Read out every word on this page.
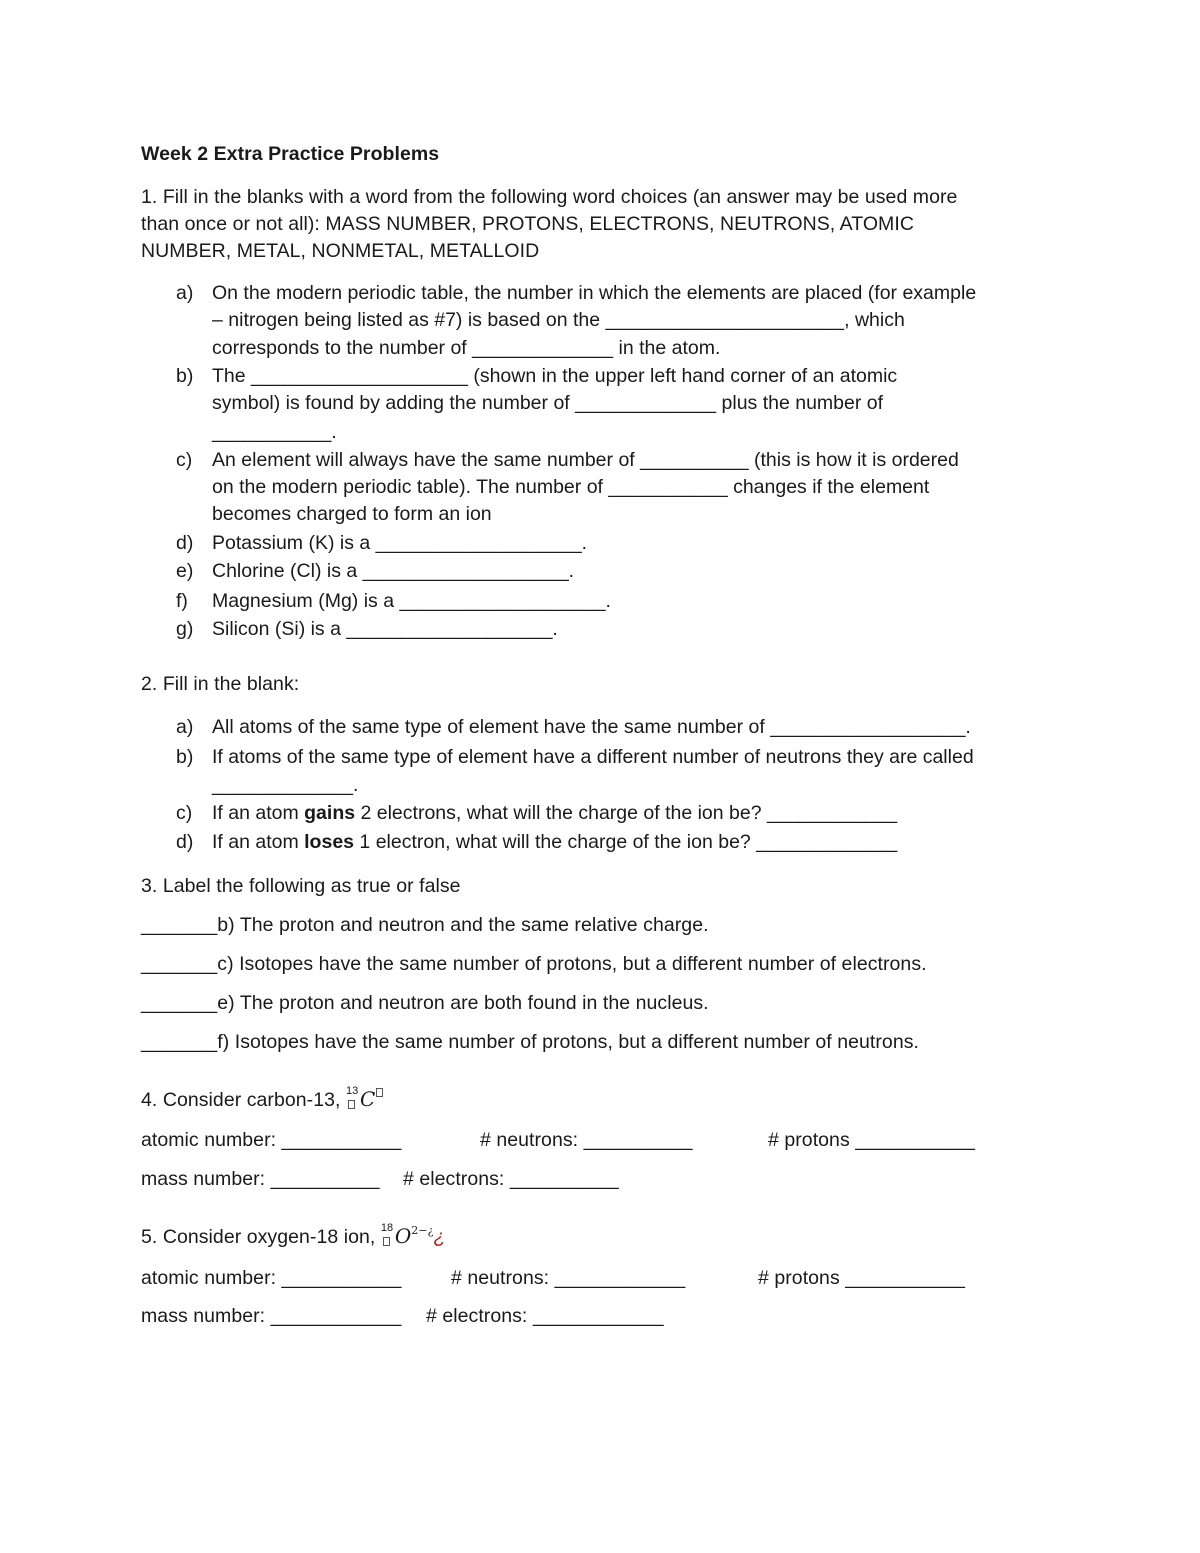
Week 2 Extra Practice Problems
1. Fill in the blanks with a word from the following word choices (an answer may be used more
than once or not all): MASS NUMBER, PROTONS, ELECTRONS, NEUTRONS, ATOMIC
NUMBER, METAL, NONMETAL, METALLOID
a) On the modern periodic table, the number in which the elements are placed (for example
– nitrogen being listed as #7) is based on the ______________________, which
corresponds to the number of _____________ in the atom.
b) The ____________________ (shown in the upper left hand corner of an atomic
symbol) is found by adding the number of _____________ plus the number of
___________.
c) An element will always have the same number of __________ (this is how it is ordered
on the modern periodic table). The number of ___________ changes if the element
becomes charged to form an ion
d) Potassium (K) is a ___________________.
e) Chlorine (Cl) is a ___________________.
f) Magnesium (Mg) is a ___________________.
g) Silicon (Si) is a ___________________.
2. Fill in the blank:
a) All atoms of the same type of element have the same number of __________________.
b) If atoms of the same type of element have a different number of neutrons they are called
_____________.
c) If an atom gains 2 electrons, what will the charge of the ion be? ____________
d) If an atom loses 1 electron, what will the charge of the ion be? _____________
3. Label the following as true or false
_______b) The proton and neutron and the same relative charge.
_______c) Isotopes have the same number of protons, but a different number of electrons.
_______e) The proton and neutron are both found in the nucleus.
_______f) Isotopes have the same number of protons, but a different number of neutrons.
4. Consider carbon-13, 13 C
atomic number: ___________	# neutrons: __________	# protons ___________
mass number: __________ # electrons: __________
5. Consider oxygen-18 ion, 18 $O^{2-¿}¿$
atomic number: ___________	# neutrons: ____________	# protons ___________
mass number: ____________ # electrons: ____________
